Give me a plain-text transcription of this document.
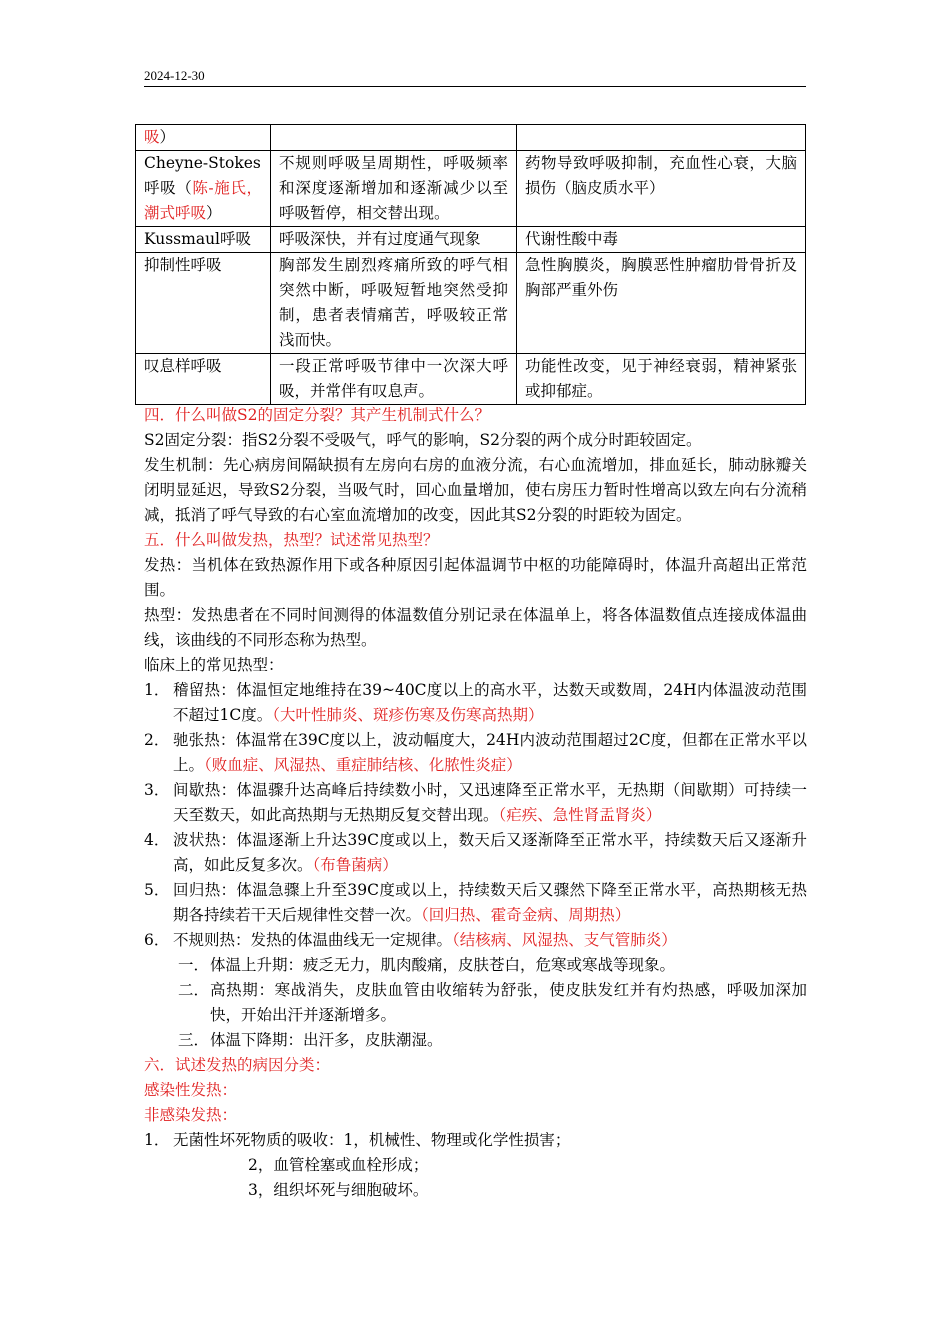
2024-12-30
吸）		
Cheyne-Stokes呼吸（陈-施氏，潮式呼吸）	不规则呼吸呈周期性，呼吸频率和深度逐渐增加和逐渐减少以至呼吸暂停，相交替出现。	药物导致呼吸抑制，充血性心衰，大脑损伤（脑皮质水平）
Kussmaul呼吸	呼吸深快，并有过度通气现象	代谢性酸中毒
抑制性呼吸	胸部发生剧烈疼痛所致的呼气相突然中断，呼吸短暂地突然受抑制，患者表情痛苦，呼吸较正常浅而快。	急性胸膜炎，胸膜恶性肿瘤肋骨骨折及胸部严重外伤
叹息样呼吸	一段正常呼吸节律中一次深大呼吸，并常伴有叹息声。	功能性改变，见于神经衰弱，精神紧张或抑郁症。
四．什么叫做S2的固定分裂？其产生机制式什么？
S2固定分裂：指S2分裂不受吸气，呼气的影响，S2分裂的两个成分时距较固定。
发生机制：先心病房间隔缺损有左房向右房的血液分流，右心血流增加，排血延长，肺动脉瓣关闭明显延迟，导致S2分裂，当吸气时，回心血量增加，使右房压力暂时性增高以致左向右分流稍减，抵消了呼气导致的右心室血流增加的改变，因此其S2分裂的时距较为固定。
五．什么叫做发热，热型？试述常见热型？
发热：当机体在致热源作用下或各种原因引起体温调节中枢的功能障碍时，体温升高超出正常范围。
热型：发热患者在不同时间测得的体温数值分别记录在体温单上，将各体温数值点连接成体温曲线，该曲线的不同形态称为热型。
临床上的常见热型：
1． 稽留热：体温恒定地维持在39~40C度以上的高水平，达数天或数周，24H内体温波动范围不超过1C度。（大叶性肺炎、斑疹伤寒及伤寒高热期）
2． 驰张热：体温常在39C度以上，波动幅度大，24H内波动范围超过2C度，但都在正常水平以上。（败血症、风湿热、重症肺结核、化脓性炎症）
3． 间歇热：体温骤升达高峰后持续数小时，又迅速降至正常水平，无热期（间歇期）可持续一天至数天，如此高热期与无热期反复交替出现。（疟疾、急性肾盂肾炎）
4． 波状热：体温逐渐上升达39C度或以上，数天后又逐渐降至正常水平，持续数天后又逐渐升高，如此反复多次。（布鲁菌病）
5． 回归热：体温急骤上升至39C度或以上，持续数天后又骤然下降至正常水平，高热期核无热期各持续若干天后规律性交替一次。（回归热、霍奇金病、周期热）
6． 不规则热：发热的体温曲线无一定规律。（结核病、风湿热、支气管肺炎）
一． 体温上升期：疲乏无力，肌肉酸痛，皮肤苍白，危寒或寒战等现象。
二． 高热期：寒战消失，皮肤血管由收缩转为舒张，使皮肤发红并有灼热感，呼吸加深加快，开始出汗并逐渐增多。
三． 体温下降期：出汗多，皮肤潮湿。
六．试述发热的病因分类：
感染性发热：
非感染发热：
1． 无菌性坏死物质的吸收：1，机械性、物理或化学性损害；
2，血管栓塞或血栓形成；
3，组织坏死与细胞破坏。
